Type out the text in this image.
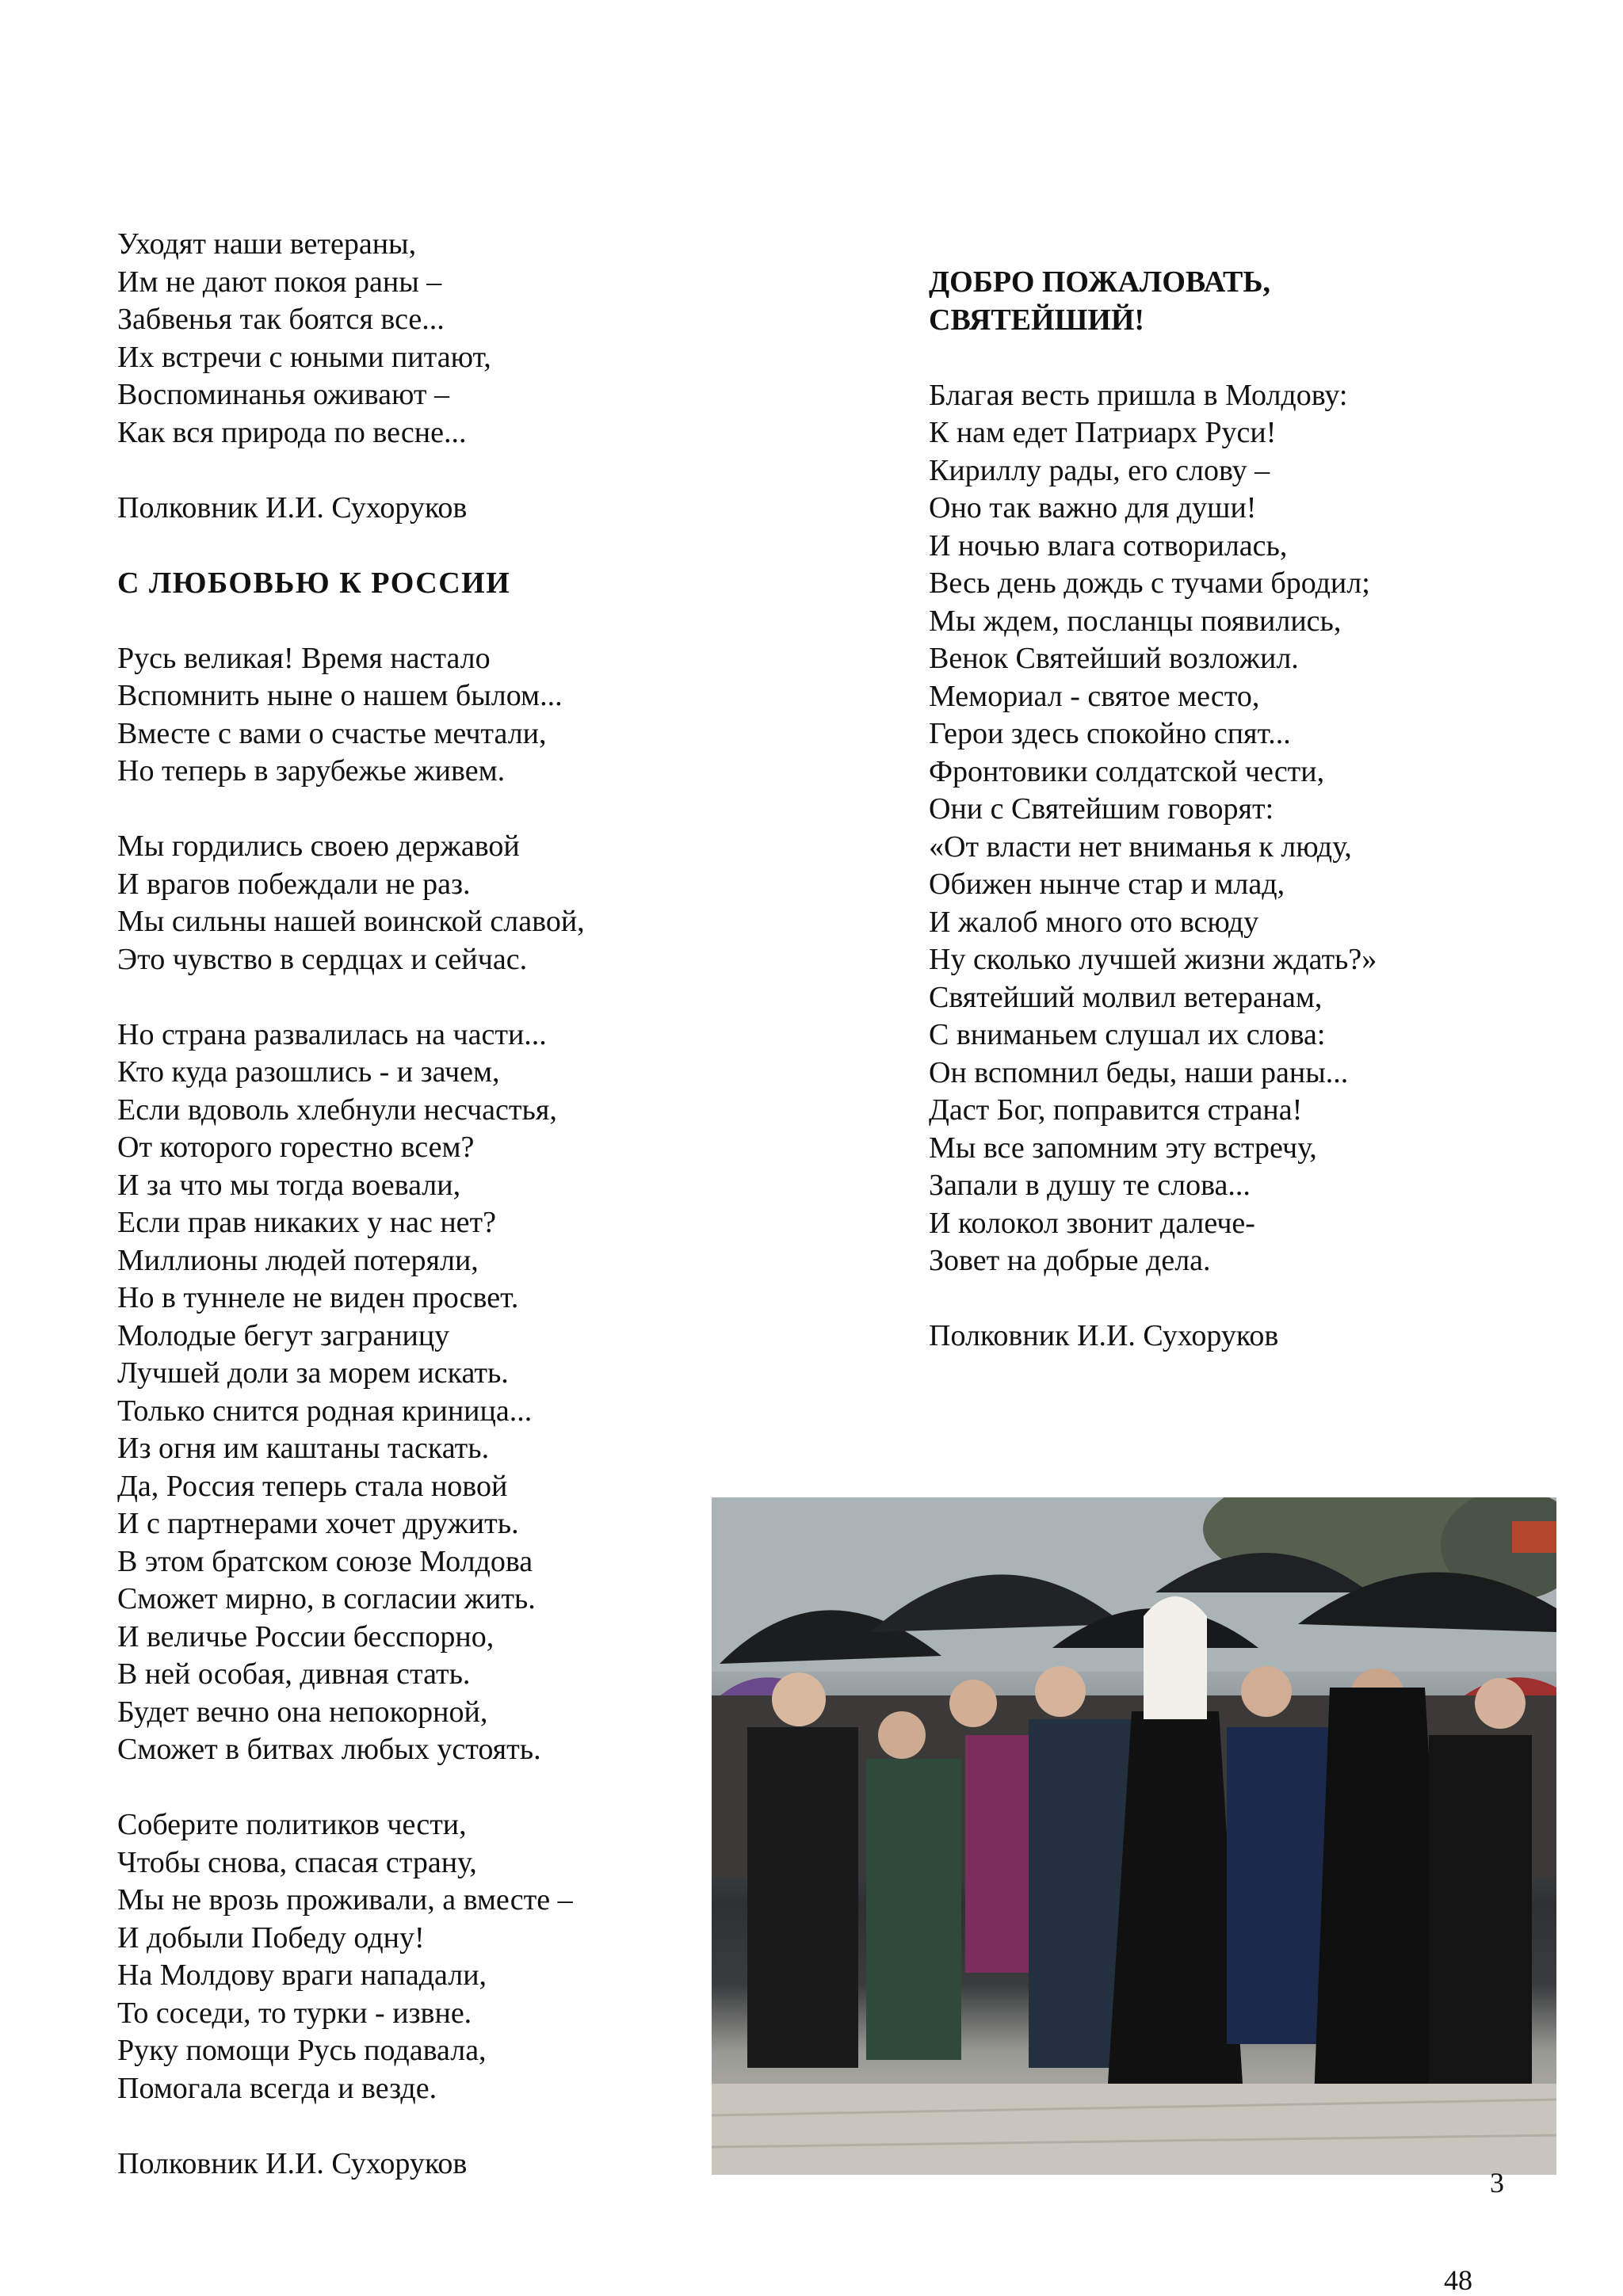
Уходят наши ветераны,
Им не дают покоя раны –
Забвенья так боятся все...
Их встречи с юными питают,
Воспоминанья оживают –
Как вся природа по весне...
Полковник И.И. Сухоруков
С ЛЮБОВЬЮ К РОССИИ
Русь великая! Время настало
Вспомнить ныне о нашем былом...
Вместе с вами о счастье мечтали,
Но теперь в зарубежье живем.
Мы гордились своею державой
И врагов побеждали не раз.
Мы сильны нашей воинской славой,
Это чувство в сердцах и сейчас.
Но страна развалилась на части...
Кто куда разошлись - и зачем,
Если вдоволь хлебнули несчастья,
От которого горестно всем?
И за что мы тогда воевали,
Если прав никаких у нас нет?
Миллионы людей потеряли,
Но в туннеле не виден просвет.
Молодые бегут заграницу
Лучшей доли за морем искать.
Только снится родная криница...
Из огня им каштаны таскать.
Да, Россия теперь стала новой
И с партнерами хочет дружить.
В этом братском союзе Молдова
Сможет мирно, в согласии жить.
И величье России бесспорно,
В ней особая, дивная стать.
Будет вечно она непокорной,
Сможет в битвах любых устоять.
Соберите политиков чести,
Чтобы снова, спасая страну,
Мы не врозь проживали, а вместе –
И добыли Победу одну!
На Молдову враги нападали,
То соседи, то турки - извне.
Руку помощи Русь подавала,
Помогала всегда и везде.
Полковник И.И. Сухоруков
ДОБРО ПОЖАЛОВАТЬ,
СВЯТЕЙШИЙ!
Благая весть пришла в Молдову:
К нам едет Патриарх Руси!
Кириллу рады, его слову –
Оно так важно для души!
И ночью влага сотворилась,
Весь день дождь с тучами бродил;
Мы ждем, посланцы появились,
Венок Святейший возложил.
Мемориал - святое место,
Герои здесь спокойно спят...
Фронтовики солдатской чести,
Они с Святейшим говорят:
«От власти нет вниманья к люду,
Обижен нынче стар и млад,
И жалоб много ото всюду
Ну сколько лучшей жизни ждать?»
Святейший молвил ветеранам,
С вниманьем слушал их слова:
Он вспомнил беды, наши раны...
Даст Бог, поправится страна!
Мы все запомним эту встречу,
Запали в душу те слова...
И колокол звонит далече-
Зовет на добрые дела.
Полковник И.И. Сухоруков
3
48
